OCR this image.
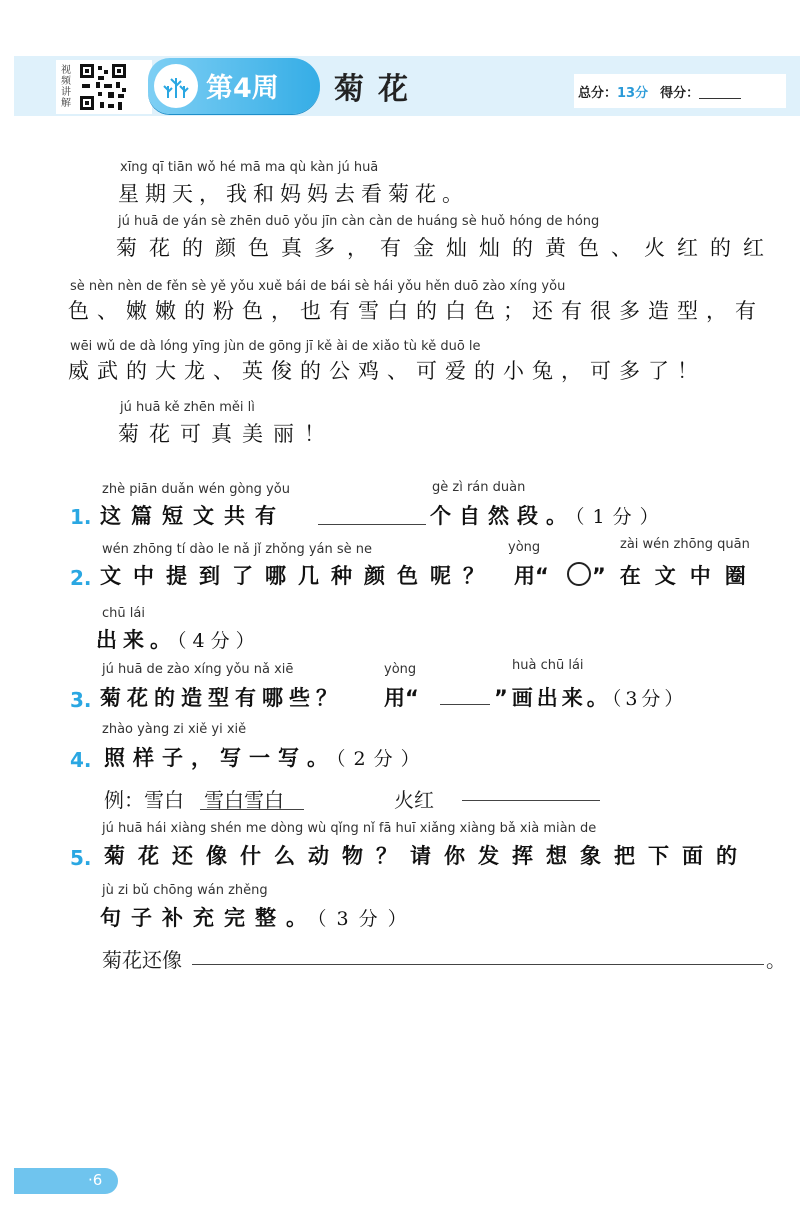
视频讲解	第4周 菊花	总分： 13分 得分：
xīng qī tiān wǒ hé mā ma qù kàn jú huā
星期天，我和妈妈去看菊花。
jú huā de yán sè zhēn duō yǒu jīn càn càn de huáng sè huǒ hóng de hóng
菊花的颜色真多，有金灿灿的黄色、火红的红
sè nèn nèn de fěn sè yě yǒu xuě bái de bái sè hái yǒu hěn duō zào xíng yǒu
色、嫩嫩的粉色，也有雪白的白色；还有很多造型，有
wēi wǔ de dà lóng yīng jùn de gōng jī kě ài de xiǎo tù kě duō le
威武的大龙、英俊的公鸡、可爱的小兔，可多了！
jú huā kě zhēn měi lì
菊花可真美丽！
zhè piān duǎn wén gòng yǒu	gè zì rán duàn
1. 这篇短文共有	个自然段。（1分）
wén zhōng tí dào le nǎ jǐ zhǒng yán sè ne	yòng	zài wén zhōng quān
2. 文中提到了哪几种颜色呢？ 用“ ○ ”在文中圈
chū lái
出来。（4分）
jú huā de zào xíng yǒu nǎ xiē	yòng	huà chū lái
3. 菊花的造型有哪些？ 用“	”画出来。（3分）
zhào yàng zi xiě yi xiě
4. 照样子，写一写。（2分）
例：雪白 雪白雪白	火红
jú huā hái xiàng shén me dòng wù qǐng nǐ fā huī xiǎng xiàng bǎ xià miàn de
5. 菊花还像什么动物？请你发挥想象把下面的
jù zi bǔ chōng wán zhěng
句子补充完整。（3分）
菊花还像	。
·6
